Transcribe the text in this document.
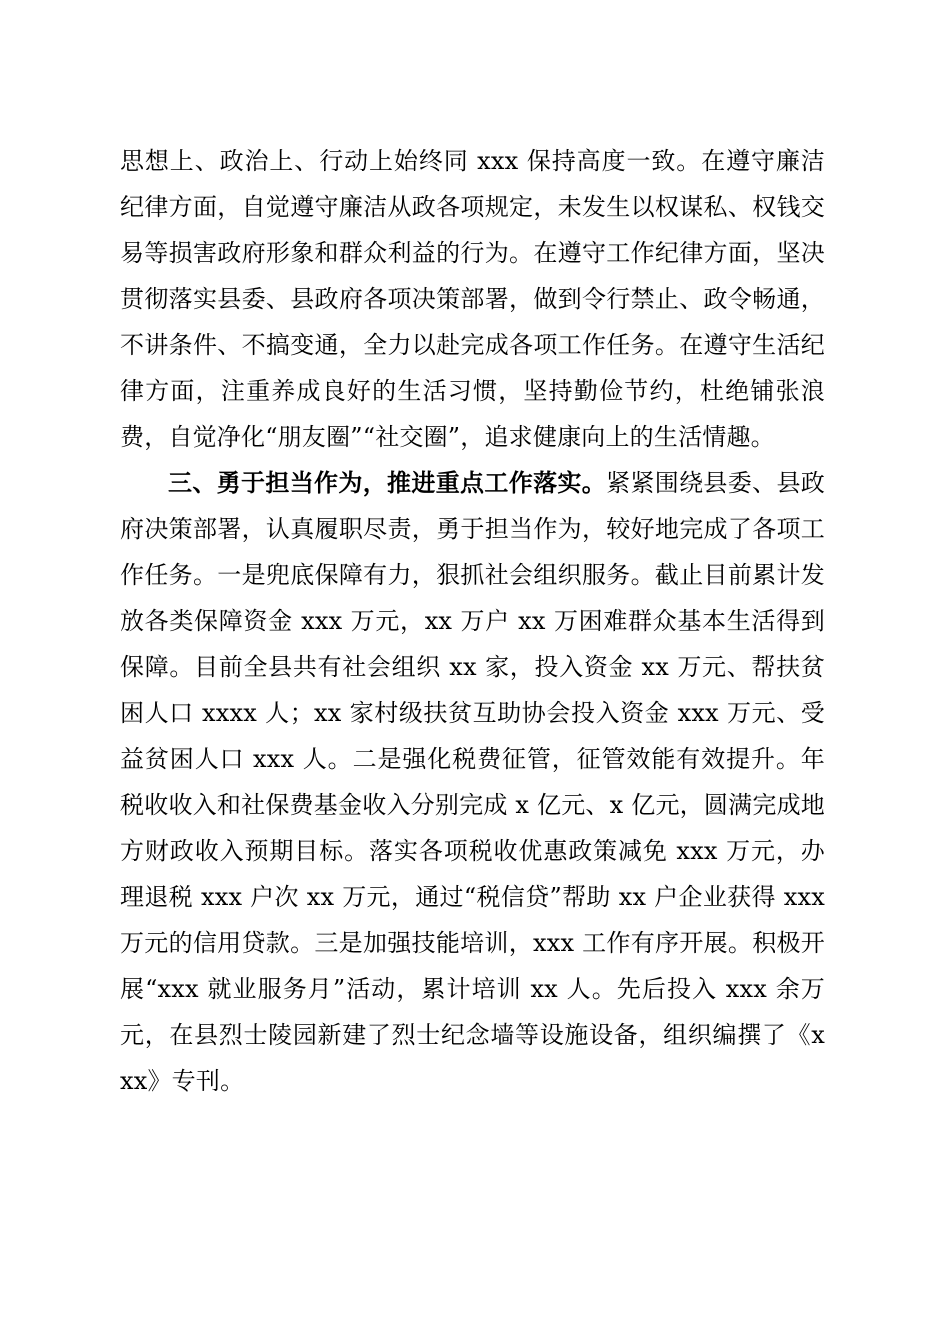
思想上、政治上、行动上始终同 xxx 保持高度一致。在遵守廉洁纪律方面，自觉遵守廉洁从政各项规定，未发生以权谋私、权钱交易等损害政府形象和群众利益的行为。在遵守工作纪律方面，坚决贯彻落实县委、县政府各项决策部署，做到令行禁止、政令畅通，不讲条件、不搞变通，全力以赴完成各项工作任务。在遵守生活纪律方面，注重养成良好的生活习惯，坚持勤俭节约，杜绝铺张浪费，自觉净化“朋友圈”“社交圈”，追求健康向上的生活情趣。

三、勇于担当作为，推进重点工作落实。紧紧围绕县委、县政府决策部署，认真履职尽责，勇于担当作为，较好地完成了各项工作任务。一是兜底保障有力，狠抓社会组织服务。截止目前累计发放各类保障资金 xxx 万元，xx 万户 xx 万困难群众基本生活得到保障。目前全县共有社会组织 xx 家，投入资金 xx 万元、帮扶贫困人口 xxxx 人；xx 家村级扶贫互助协会投入资金 xxx 万元、受益贫困人口 xxx 人。二是强化税费征管，征管效能有效提升。年税收收入和社保费基金收入分别完成 x 亿元、x 亿元，圆满完成地方财政收入预期目标。落实各项税收优惠政策减免 xxx 万元，办理退税 xxx 户次 xx 万元，通过“税信贷”帮助 xx 户企业获得 xxx 万元的信用贷款。三是加强技能培训，xxx 工作有序开展。积极开展“xxx 就业服务月”活动，累计培训 xx 人。先后投入 xxx 余万元，在县烈士陵园新建了烈士纪念墙等设施设备，组织编撰了《xxx》专刊。
